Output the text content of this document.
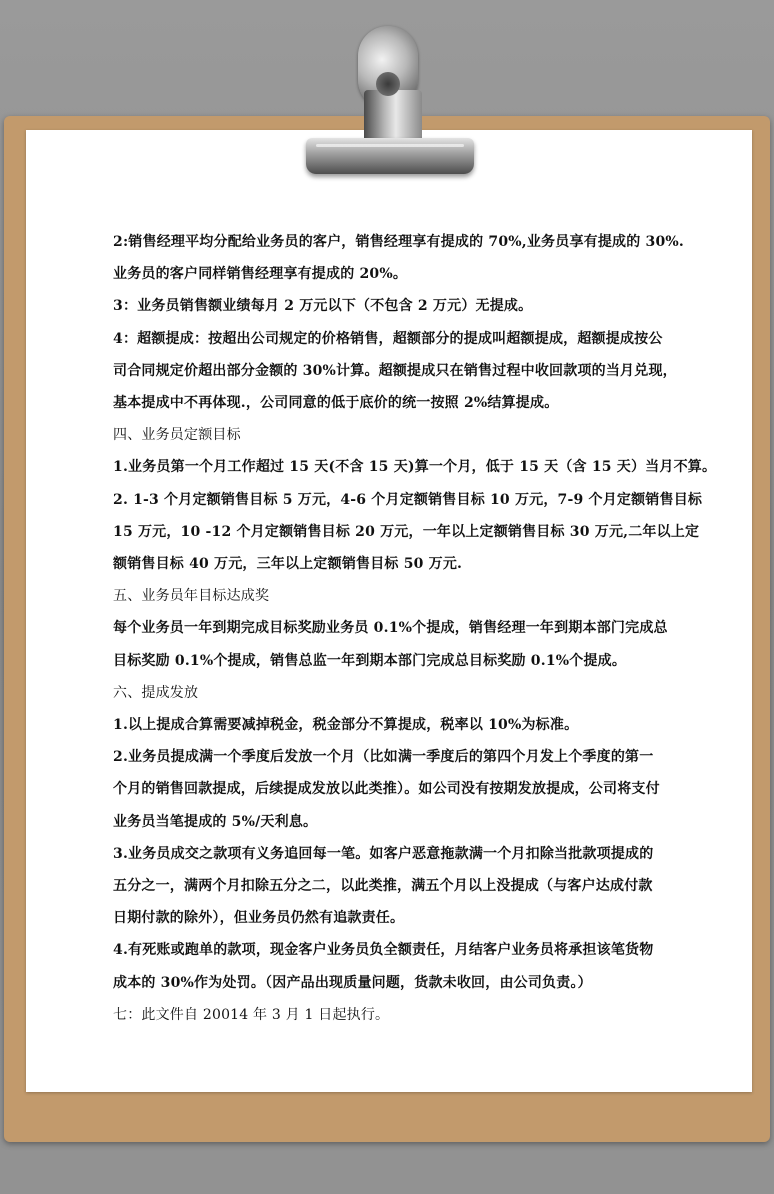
2:销售经理平均分配给业务员的客户，销售经理享有提成的 70%,业务员享有提成的 30%.
业务员的客户同样销售经理享有提成的 20%。
3：业务员销售额业绩每月 2 万元以下（不包含 2 万元）无提成。
4：超额提成：按超出公司规定的价格销售，超额部分的提成叫超额提成，超额提成按公
司合同规定价超出部分金额的 30%计算。超额提成只在销售过程中收回款项的当月兑现，
基本提成中不再体现.，公司同意的低于底价的统一按照 2%结算提成。
四、业务员定额目标
1.业务员第一个月工作超过 15 天(不含 15 天)算一个月，低于 15 天（含 15 天）当月不算。
2. 1-3 个月定额销售目标 5 万元，4-6 个月定额销售目标 10 万元，7-9 个月定额销售目标
15 万元，10 -12 个月定额销售目标 20 万元，一年以上定额销售目标 30 万元,二年以上定
额销售目标 40 万元，三年以上定额销售目标 50 万元.
五、业务员年目标达成奖
每个业务员一年到期完成目标奖励业务员 0.1%个提成，销售经理一年到期本部门完成总
目标奖励 0.1%个提成，销售总监一年到期本部门完成总目标奖励 0.1%个提成。
六、提成发放
1.以上提成合算需要减掉税金，税金部分不算提成，税率以 10%为标准。
2.业务员提成满一个季度后发放一个月（比如满一季度后的第四个月发上个季度的第一
个月的销售回款提成，后续提成发放以此类推）。如公司没有按期发放提成，公司将支付
业务员当笔提成的 5%/天利息。
3.业务员成交之款项有义务追回每一笔。如客户恶意拖款满一个月扣除当批款项提成的
五分之一，满两个月扣除五分之二，以此类推，满五个月以上没提成（与客户达成付款
日期付款的除外），但业务员仍然有追款责任。
4.有死账或跑单的款项，现金客户业务员负全额责任，月结客户业务员将承担该笔货物
成本的 30%作为处罚。（因产品出现质量问题，货款未收回，由公司负责。）
七：此文件自 20014 年 3 月 1 日起执行。
